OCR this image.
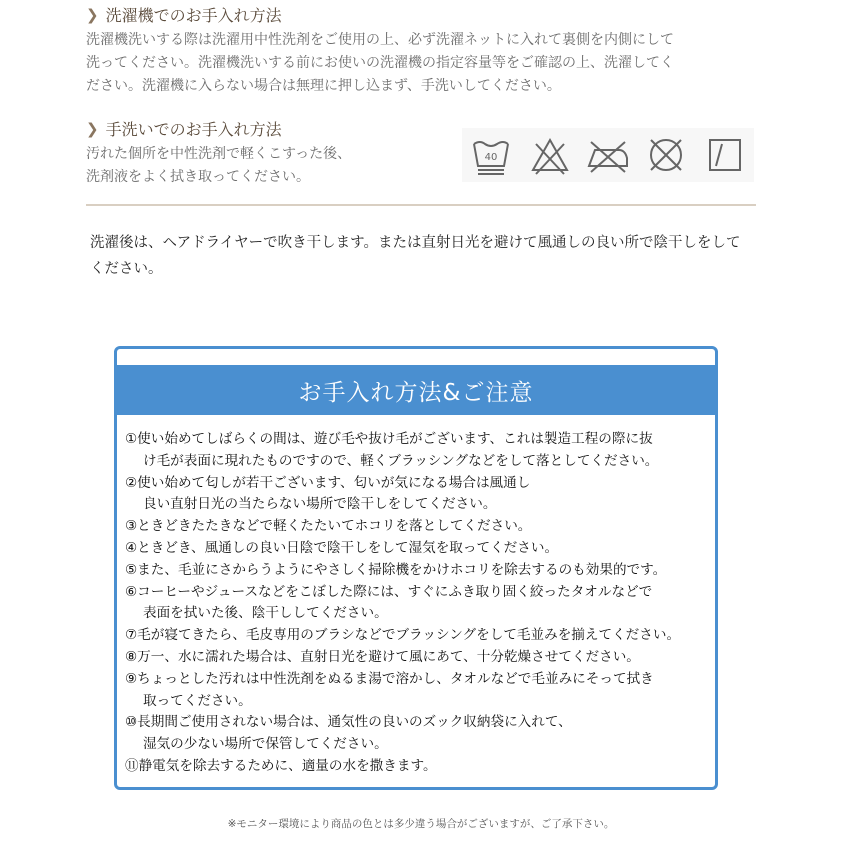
❯ 洗濯機でのお手入れ方法
洗濯機洗いする際は洗濯用中性洗剤をご使用の上、必ず洗濯ネットに入れて裏側を内側にして
洗ってください。洗濯機洗いする前にお使いの洗濯機の指定容量等をご確認の上、洗濯してく
ださい。洗濯機に入らない場合は無理に押し込まず、手洗いしてください。
❯ 手洗いでのお手入れ方法
汚れた個所を中性洗剤で軽くこすった後、
洗剤液をよく拭き取ってください。
40
洗濯後は、ヘアドライヤーで吹き干します。または直射日光を避けて風通しの良い所で陰干しをしてください。
お手入れ方法&ご注意
①使い始めてしばらくの間は、遊び毛や抜け毛がございます、これは製造工程の際に抜
け毛が表面に現れたものですので、軽くブラッシングなどをして落としてください。
②使い始めて匂しが若干ございます、匂いが気になる場合は風通し
良い直射日光の当たらない場所で陰干しをしてください。
③ときどきたたきなどで軽くたたいてホコリを落としてください。
④ときどき、風通しの良い日陰で陰干しをして湿気を取ってください。
⑤また、毛並にさからうようにやさしく掃除機をかけホコリを除去するのも効果的です。
⑥コーヒーやジュースなどをこぼした際には、すぐにふき取り固く絞ったタオルなどで
表面を拭いた後、陰干ししてください。
⑦毛が寝てきたら、毛皮専用のブラシなどでブラッシングをして毛並みを揃えてください。
⑧万一、水に濡れた場合は、直射日光を避けて風にあて、十分乾燥させてください。
⑨ちょっとした汚れは中性洗剤をぬるま湯で溶かし、タオルなどで毛並みにそって拭き
取ってください。
⑩長期間ご使用されない場合は、通気性の良いのズック収納袋に入れて、
湿気の少ない場所で保管してください。
⑪静電気を除去するために、適量の水を撒きます。
※モニター環境により商品の色とは多少違う場合がございますが、ご了承下さい。
